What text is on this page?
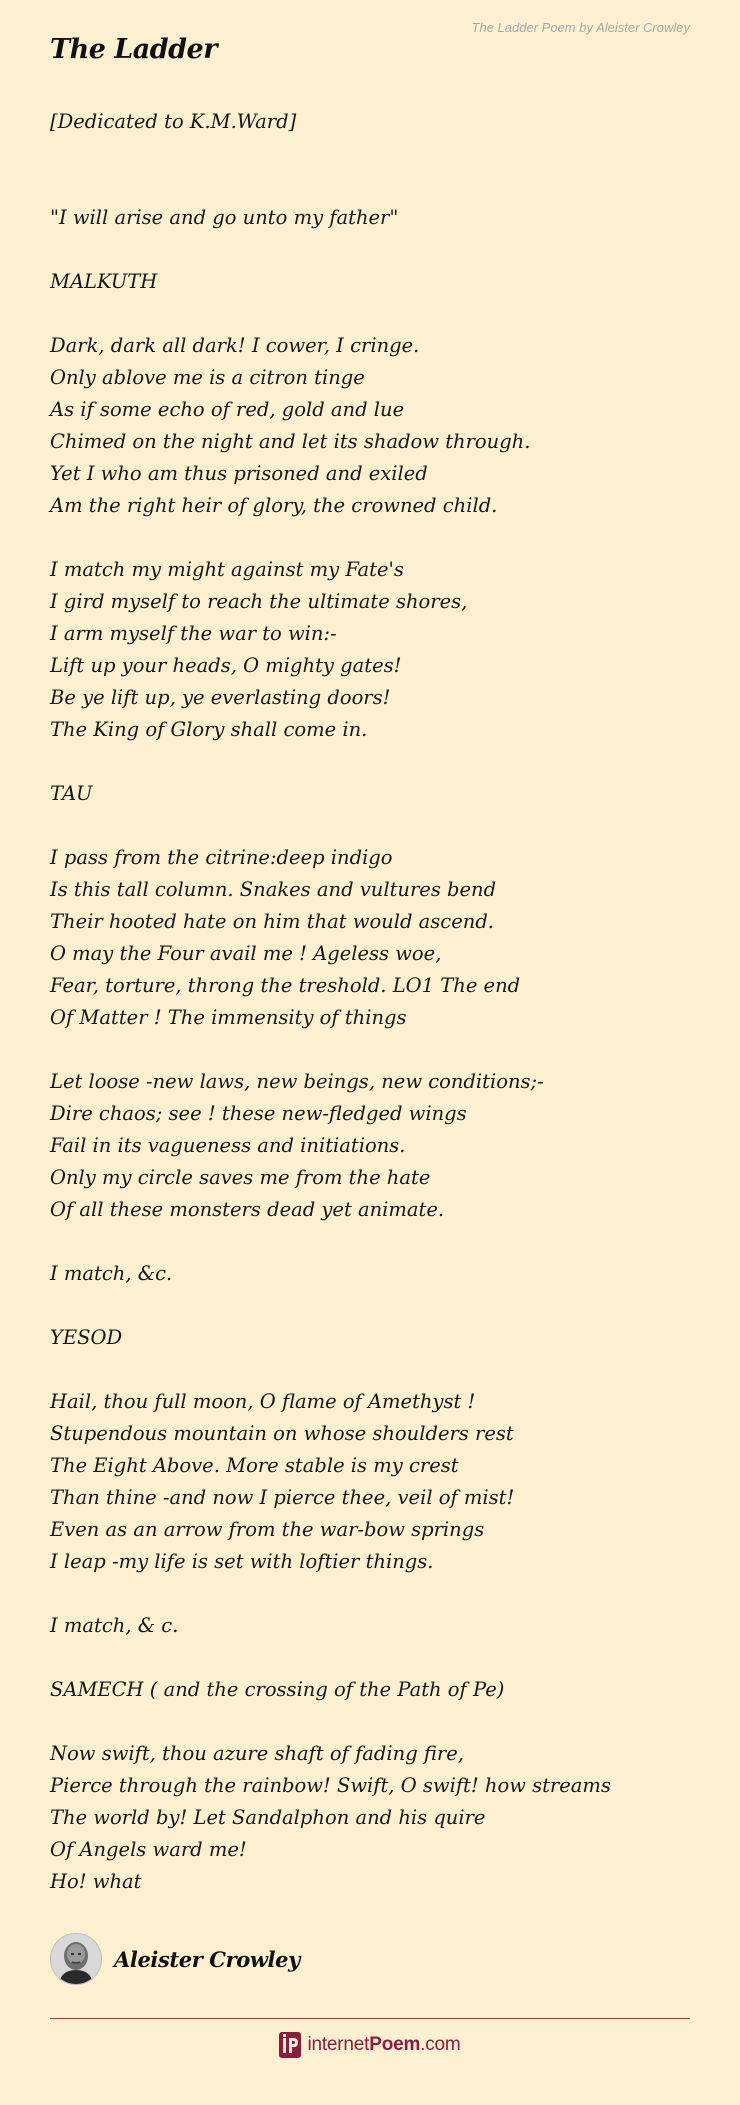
The Ladder Poem by Aleister Crowley
The Ladder
[Dedicated to K.M.Ward]
"I will arise and go unto my father"
MALKUTH
Dark, dark all dark! I cower, I cringe.
Only ablove me is a citron tinge
As if some echo of red, gold and lue
Chimed on the night and let its shadow through.
Yet I who am thus prisoned and exiled
Am the right heir of glory, the crowned child.
I match my might against my Fate's
I gird myself to reach the ultimate shores,
I arm myself the war to win:-
Lift up your heads, O mighty gates!
Be ye lift up, ye everlasting doors!
The King of Glory shall come in.
TAU
I pass from the citrine:deep indigo
Is this tall column. Snakes and vultures bend
Their hooted hate on him that would ascend.
O may the Four avail me ! Ageless woe,
Fear, torture, throng the treshold. LO1 The end
Of Matter ! The immensity of things
Let loose -new laws, new beings, new conditions;-
Dire chaos; see ! these new-fledged wings
Fail in its vagueness and initiations.
Only my circle saves me from the hate
Of all these monsters dead yet animate.
I match, &c.
YESOD
Hail, thou full moon, O flame of Amethyst !
Stupendous mountain on whose shoulders rest
The Eight Above. More stable is my crest
Than thine -and now I pierce thee, veil of mist!
Even as an arrow from the war-bow springs
I leap -my life is set with loftier things.
I match, & c.
SAMECH ( and the crossing of the Path of Pe)
Now swift, thou azure shaft of fading fire,
Pierce through the rainbow! Swift, O swift! how streams
The world by! Let Sandalphon and his quire
Of Angels ward me!
Ho! what
Aleister Crowley
internetPoem.com
